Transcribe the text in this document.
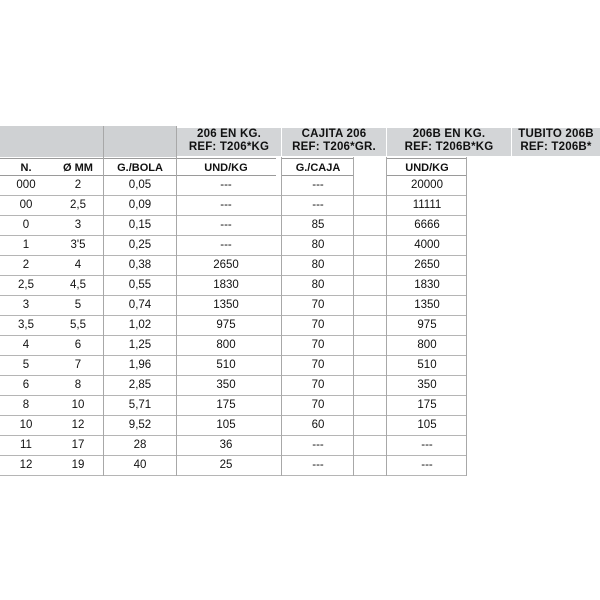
206 EN KG.
REF: T206*KG
CAJITA 206
REF: T206*GR.
206B EN KG.
REF: T206B*KG
TUBITO 206B
REF: T206B*
N.	Ø MM	G./BOLA	UND/KG	G./CAJA	UND/KG
000	2	0,05	---	---	20000
00	2,5	0,09	---	---	11111
0	3	0,15	---	85	6666
1	3'5	0,25	---	80	4000
2	4	0,38	2650	80	2650
2,5	4,5	0,55	1830	80	1830
3	5	0,74	1350	70	1350
3,5	5,5	1,02	975	70	975
4	6	1,25	800	70	800
5	7	1,96	510	70	510
6	8	2,85	350	70	350
8	10	5,71	175	70	175
10	12	9,52	105	60	105
11	17	28	36	---	---
12	19	40	25	---	---
